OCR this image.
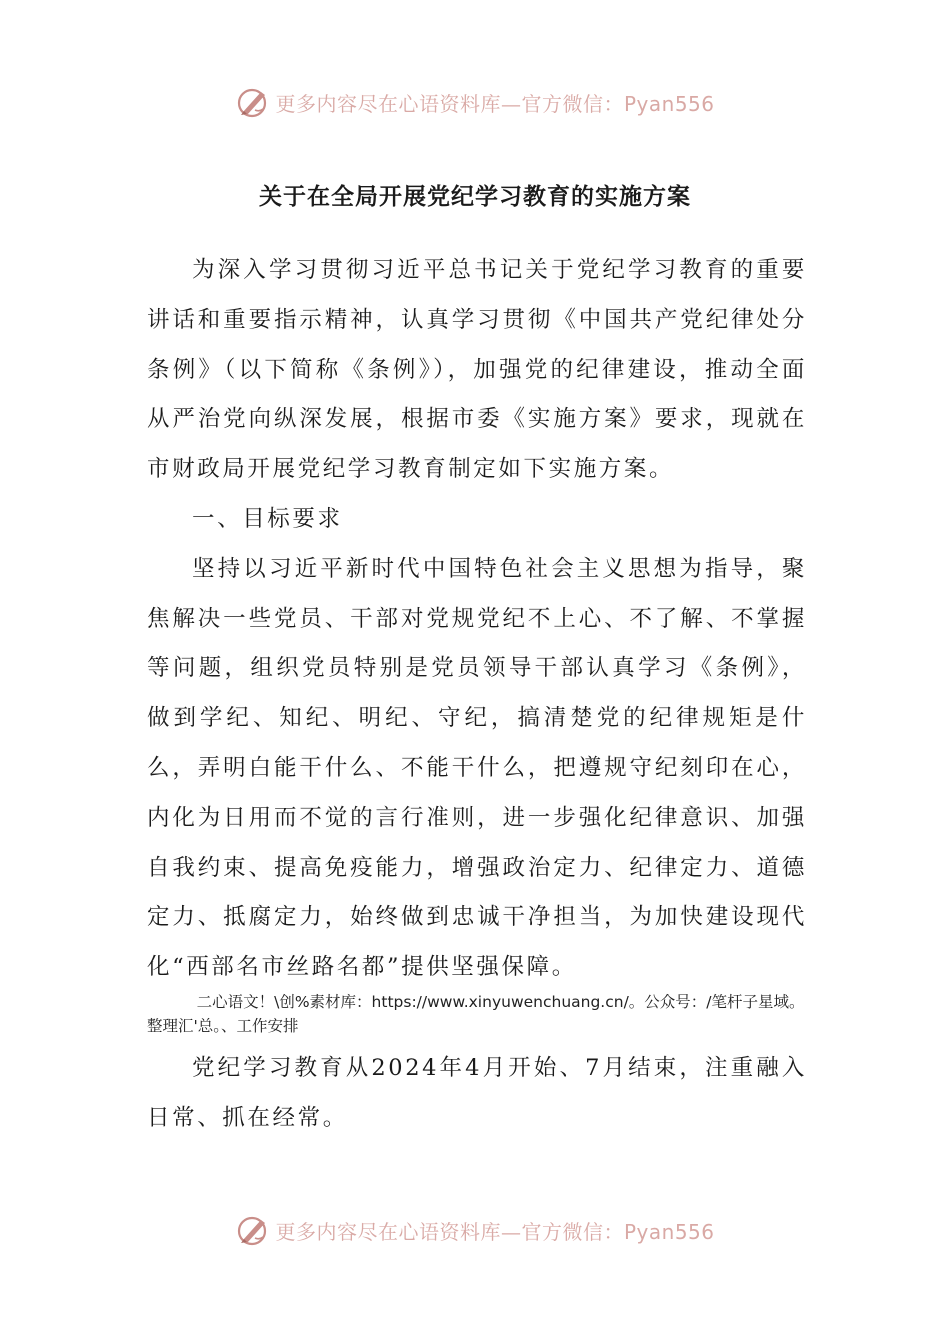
更多内容尽在心语资料库—官方微信：Pyan556
关于在全局开展党纪学习教育的实施方案

为深入学习贯彻习近平总书记关于党纪学习教育的重要讲话和重要指示精神，认真学习贯彻《中国共产党纪律处分条例》（以下简称《条例》），加强党的纪律建设，推动全面从严治党向纵深发展，根据市委《实施方案》要求，现就在市财政局开展党纪学习教育制定如下实施方案。

一、目标要求

坚持以习近平新时代中国特色社会主义思想为指导，聚焦解决一些党员、干部对党规党纪不上心、不了解、不掌握等问题，组织党员特别是党员领导干部认真学习《条例》，做到学纪、知纪、明纪、守纪，搞清楚党的纪律规矩是什么，弄明白能干什么、不能干什么，把遵规守纪刻印在心，内化为日用而不觉的言行准则，进一步强化纪律意识、加强自我约束、提高免疫能力，增强政治定力、纪律定力、道德定力、抵腐定力，始终做到忠诚干净担当，为加快建设现代化“西部名市丝路名都”提供坚强保障。

二心语文！\创%素材库：https://www.xinyuwenchuang.cn/。公众号：/笔杆子星域。整理汇'总。、工作安排

党纪学习教育从2024年4月开始、7月结束，注重融入日常、抓在经常。

更多内容尽在心语资料库—官方微信：Pyan556
